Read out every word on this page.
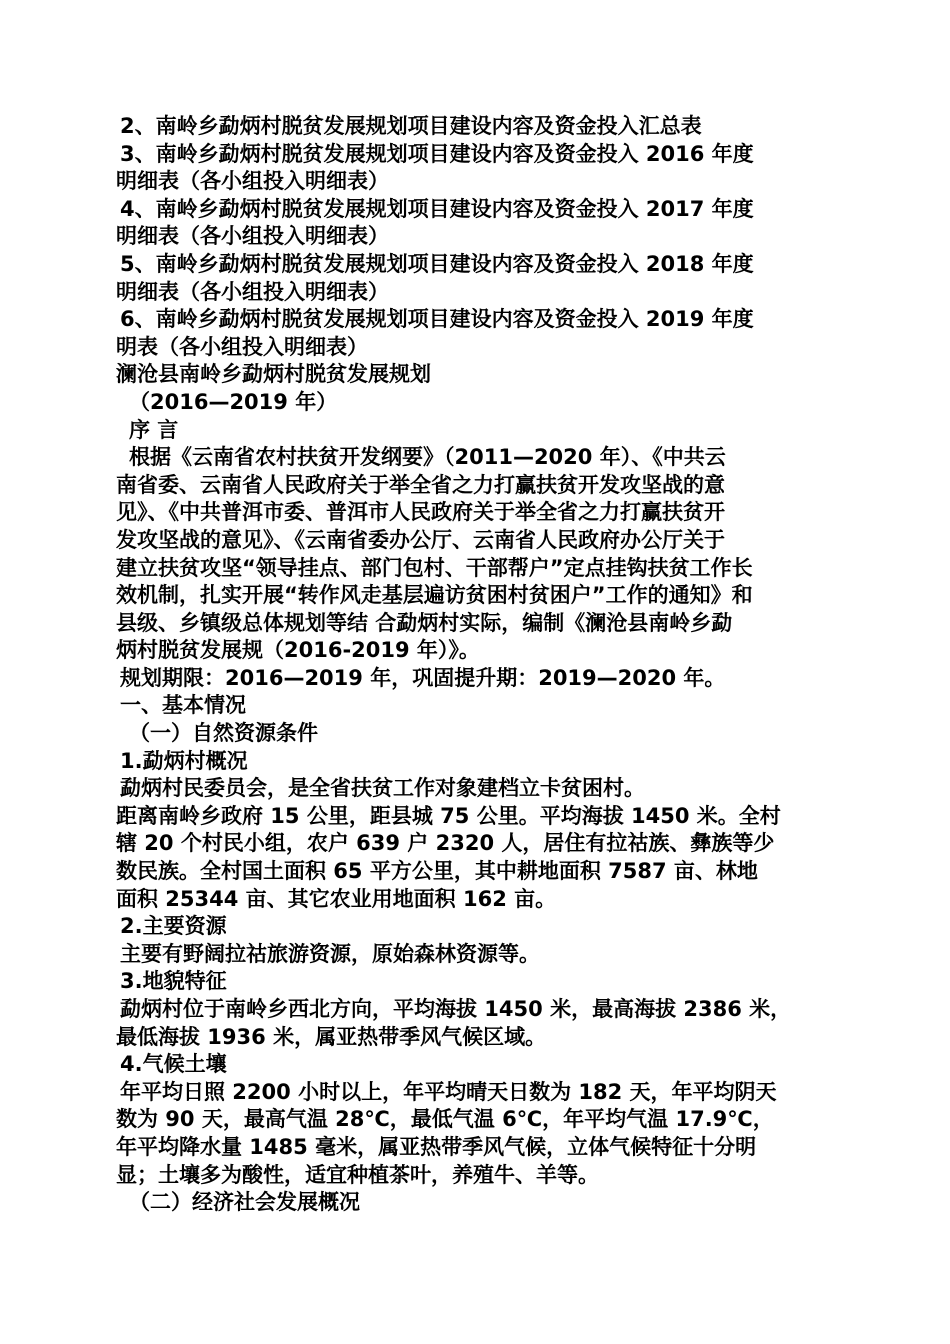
2、南岭乡勐炳村脱贫发展规划项目建设内容及资金投入汇总表

3、南岭乡勐炳村脱贫发展规划项目建设内容及资金投入 2016 年度

明细表（各小组投入明细表）

4、南岭乡勐炳村脱贫发展规划项目建设内容及资金投入 2017 年度

明细表（各小组投入明细表）

5、南岭乡勐炳村脱贫发展规划项目建设内容及资金投入 2018 年度

明细表（各小组投入明细表）

6、南岭乡勐炳村脱贫发展规划项目建设内容及资金投入 2019 年度

明表（各小组投入明细表）

澜沧县南岭乡勐炳村脱贫发展规划

（2016—2019 年）

序 言

根据《云南省农村扶贫开发纲要》（2011—2020 年）、《中共云

南省委、云南省人民政府关于举全省之力打赢扶贫开发攻坚战的意

见》、《中共普洱市委、普洱市人民政府关于举全省之力打赢扶贫开

发攻坚战的意见》、《云南省委办公厅、云南省人民政府办公厅关于

建立扶贫攻坚“领导挂点、部门包村、干部帮户”定点挂钩扶贫工作长

效机制，扎实开展“转作风走基层遍访贫困村贫困户”工作的通知》和

县级、乡镇级总体规划等结 合勐炳村实际，编制《澜沧县南岭乡勐

炳村脱贫发展规（2016-2019 年）》。

规划期限：2016—2019 年，巩固提升期：2019—2020 年。

一、基本情况

（一）自然资源条件

1.勐炳村概况

勐炳村民委员会，是全省扶贫工作对象建档立卡贫困村。

距离南岭乡政府 15 公里，距县城 75 公里。平均海拔 1450 米。全村

辖 20 个村民小组，农户 639 户 2320 人，居住有拉祜族、彝族等少

数民族。全村国土面积 65 平方公里，其中耕地面积 7587 亩、林地

面积 25344 亩、其它农业用地面积 162 亩。

2.主要资源

主要有野阔拉祜旅游资源，原始森林资源等。

3.地貌特征

勐炳村位于南岭乡西北方向，平均海拔 1450 米，最高海拔 2386 米，

最低海拔 1936 米，属亚热带季风气候区域。

4.气候土壤

年平均日照 2200 小时以上，年平均晴天日数为 182 天，年平均阴天

数为 90 天，最高气温 28℃，最低气温 6℃，年平均气温 17.9℃，

年平均降水量 1485 毫米，属亚热带季风气候，立体气候特征十分明

显；土壤多为酸性，适宜种植茶叶，养殖牛、羊等。

（二）经济社会发展概况
